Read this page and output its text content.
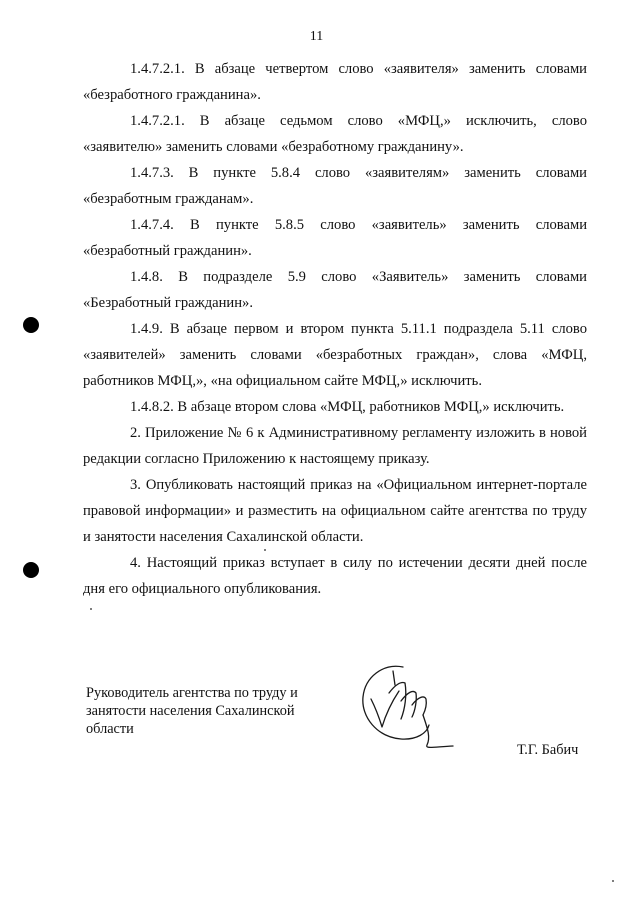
11

1.4.7.2.1. В абзаце четвертом слово «заявителя» заменить словами «безработного гражданина».

1.4.7.2.1. В абзаце седьмом слово «МФЦ,» исключить, слово «заявителю» заменить словами «безработному гражданину».

1.4.7.3. В пункте 5.8.4 слово «заявителям» заменить словами «безработным гражданам».

1.4.7.4. В пункте 5.8.5 слово «заявитель» заменить словами «безработный гражданин».

1.4.8. В подразделе 5.9 слово «Заявитель» заменить словами «Безработный гражданин».

1.4.9. В абзаце первом и втором пункта 5.11.1 подраздела 5.11 слово «заявителей» заменить словами «безработных граждан», слова «МФЦ, работников МФЦ,», «на официальном сайте МФЦ,» исключить.

1.4.8.2. В абзаце втором слова «МФЦ, работников МФЦ,» исключить.

2. Приложение № 6 к Административному регламенту изложить в новой редакции согласно Приложению к настоящему приказу.

3. Опубликовать настоящий приказ на «Официальном интернет-портале правовой информации» и разместить на официальном сайте агентства по труду и занятости населения Сахалинской области.

4. Настоящий приказ вступает в силу по истечении десяти дней после дня его официального опубликования.

Руководитель агентства по труду и
занятости населения Сахалинской
области
Т.Г. Бабич
